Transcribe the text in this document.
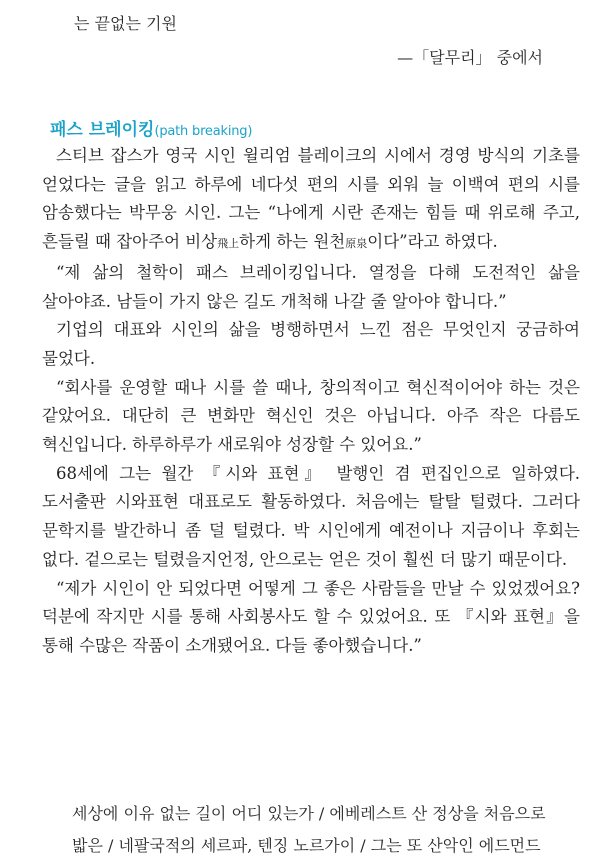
는 끝없는 기원
—「달무리」 중에서
패스 브레이킹(path breaking)

스티브 잡스가 영국 시인 윌리엄 블레이크의 시에서 경영 방식의 기초를 얻었다는 글을 읽고 하루에 네다섯 편의 시를 외워 늘 이백여 편의 시를 암송했다는 박무웅 시인. 그는 “나에게 시란 존재는 힘들 때 위로해 주고, 흔들릴 때 잡아주어 비상飛上하게 하는 원천原泉이다”라고 하였다.

“제 삶의 철학이 패스 브레이킹입니다. 열정을 다해 도전적인 삶을 살아야죠. 남들이 가지 않은 길도 개척해 나갈 줄 알아야 합니다.”

기업의 대표와 시인의 삶을 병행하면서 느낀 점은 무엇인지 궁금하여 물었다.

“회사를 운영할 때나 시를 쓸 때나, 창의적이고 혁신적이어야 하는 것은 같았어요. 대단히 큰 변화만 혁신인 것은 아닙니다. 아주 작은 다름도 혁신입니다. 하루하루가 새로워야 성장할 수 있어요.”

68세에 그는 월간 『시와 표현』 발행인 겸 편집인으로 일하였다. 도서출판 시와표현 대표로도 활동하였다. 처음에는 탈탈 털렸다. 그러다 문학지를 발간하니 좀 덜 털렸다. 박 시인에게 예전이나 지금이나 후회는 없다. 겉으로는 털렸을지언정, 안으로는 얻은 것이 훨씬 더 많기 때문이다.

“제가 시인이 안 되었다면 어떻게 그 좋은 사람들을 만날 수 있었겠어요? 덕분에 작지만 시를 통해 사회봉사도 할 수 있었어요. 또 『시와 표현』을 통해 수많은 작품이 소개됐어요. 다들 좋아했습니다.”

세상에 이유 없는 길이 어디 있는가 / 에베레스트 산 정상을 처음으로
밟은 / 네팔국적의 세르파, 텐징 노르가이 / 그는 또 산악인 에드먼드
